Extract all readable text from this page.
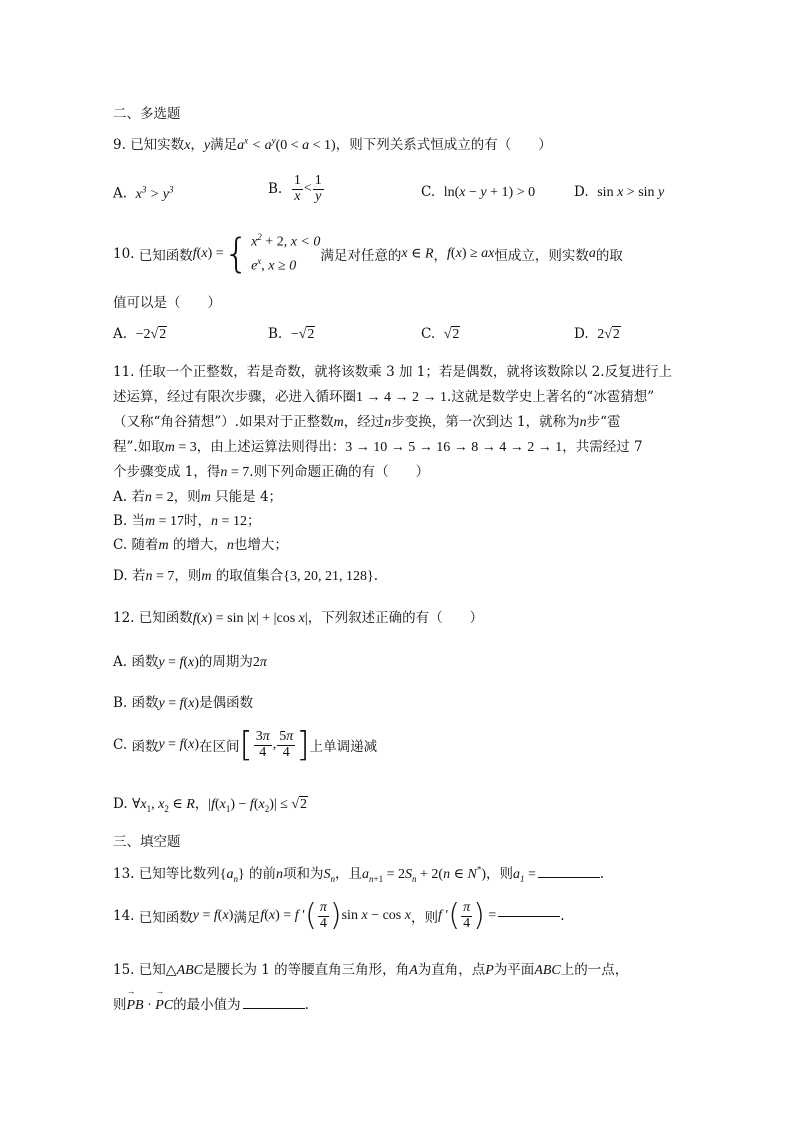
二、多选题
9. 已知实数x，y满足$a^x < a^y(0 < a < 1)$，则下列关系式恒成立的有（　　）
A. $x^3 > y^3$	B. $\frac{1}{x} < \frac{1}{y}$	C. ln(x − y + 1) > 0	D. sin x > sin y
10. 已知函数f(x) = { $x^2 + 2$, x < 0
$e^x$, x ≥ 0
满足对任意的x ∈ R，f(x) ≥ ax恒成立，则实数a的取
值可以是（　　）
A. −2√2	B. −√2	C. √2	D. 2√2
11. 任取一个正整数，若是奇数，就将该数乘 3 加 1；若是偶数，就将该数除以 2.反复进行上
述运算，经过有限次步骤，必进入循环圈1 → 4 → 2 → 1.这就是数学史上著名的“冰雹猜想”
（又称“角谷猜想”）.如果对于正整数m，经过n步变换，第一次到达 1，就称为n步“雹
程”.如取m = 3，由上述运算法则得出：3 → 10 → 5 → 16 → 8 → 4 → 2 → 1，共需经过 7
个步骤变成 1，得n = 7.则下列命题正确的有（　　）
A. 若n = 2，则m 只能是 4；
B. 当m = 17时，n = 12；
C. 随着m 的增大，n也增大；
D. 若n = 7，则m 的取值集合{3, 20, 21, 128}.
12. 已知函数f(x) = sin |x| + |cos x|，下列叙述正确的有（　　）
A. 函数y = f(x)的周期为2π
B. 函数y = f(x)是偶函数
C. 函数y = f(x)在区间[ $\frac{3\pi}{4}$ , $\frac{5\pi}{4}$ ]上单调递减
D. $\forall x_1$, $x_2$ ∈ R，$|f(x_1) - f(x_2)| \le √2$
三、填空题
13. 已知等比数列$\{a_n\}$ 的前n项和为$S_n$，且$a_{n+1} = 2S_n + 2(n$ ∈ N*)，则$a_1$ =	.
14. 已知函数y = f(x)满足f(x) = f ′( $\frac{\pi}{4} )\sin$ x − cos x，则f ′( $\frac{\pi}{4}$ ) =	.
15. 已知△ABC是腰长为 1 的等腰直角三角形，角A为直角，点P为平面ABC上的一点，
则→ PB · → PC的最小值为	.
